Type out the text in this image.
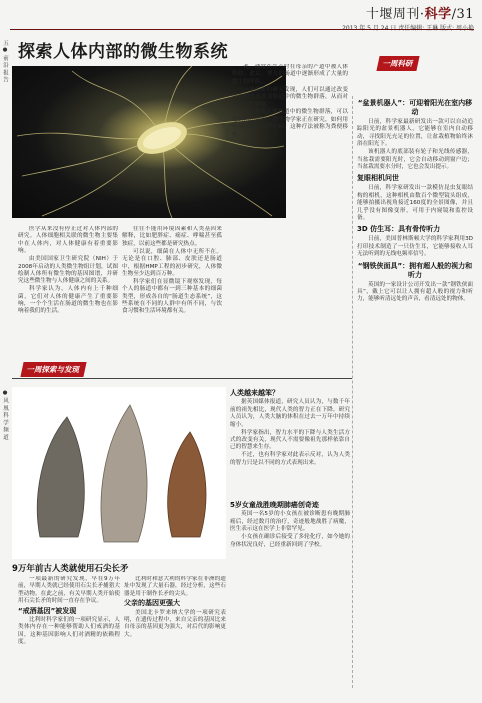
十堰周刊·科学/31
五 ● 前 沿 报 告
● 风 凰 科 学 频 道
探索人体内部的微生物系统

医学从来没有停止过对人体内部的研究。人体细胞相关联的微生物主要集中在人体内，对人体健康有着重要影响。

由美国国家卫生研究院（NIH）于2008年启动的人类微生物组计划，试图绘制人体所有微生物的基因图谱，并研究这些微生物与人体健康之间的关系。

科学家认为，人体内有上千种细菌，它们对人体的健康产生了重要影响，一个个生活在肠道的微生物也在影响着我们的生活。

往往不能用环境因素和人类基因来解释，比如肥胖症、癌症、哮喘甚至孤独症，以前这些都是研究热点。

可以说，细菌在人体中无所不在。无论是在口腔、肺部、皮肤还是肠道中，根据HMP工程的初步研究，人体微生物至少达到百万种。

科学家们在显微镜下观察发现，每个人的肠道中都有一到三种基本的细菌类型，形成各自的“肠道生态系统”，这些系统在不同的人群中有所不同，与饮食习惯和生活环境都有关。

者，通常在生产时在母亲的产道中被人体吸收。此后，婴儿的肠道中逐渐形成了大量的微生物群落。

一项最新的研究发现，人们可以通过改变饮食的方式改变肠道中的微生物群落，从而对健康产生影响。

通过改变人体肠道中的微生物群落，可以起到治疗作用。微生物学家正在研究，如何用有益细菌来治疗疾病，这种疗法被称为粪便移植。

一周科研
“盆景机器人”：可迎着阳光在室内移动

日前，科学家最新研发出一款可以自动追踪阳光的盆景机器人，它能够在室内自动移动，寻找阳光充足的位置，让盆栽植物始终沐浴在阳光下。

该机器人的底部装有轮子和光线传感器，当盆栽需要阳光时，它会自动移动到窗户边；当盆栽需要水分时，它也会发出提示。

复眼相机问世

日前，科学家研发出一款模仿昆虫复眼结构的相机，这种相机由数百个微型镜头组成，能够拍摄出视角接近160度的全景图像，并且几乎没有图像变形，可用于内窥镜和监控设备。

3D 仿生耳：具有骨传听力

日前，美国普林斯顿大学的科学家利用3D打印技术制造了一只仿生耳，它能够接收人耳无法听到的无线电频率信号。

“钢铁侠面具”：拥有超人般的视力和听力

英国的一家设计公司开发出一款“钢铁侠面具”，戴上它可以让人拥有超人般的视力和听力，能够听清远处的声音，看清远处的物体。

一周探索与发现
人类越来越笨？

据英国媒体报道，研究人员认为，与数千年前的祖先相比，现代人类的智力正在下降。研究人员认为，人类大脑的体积在过去一万年中持续缩小。

科学家指出，智力水平的下降与人类生活方式的改变有关，现代人不需要像祖先那样依靠自己的智慧来生存。

不过，也有科学家对此表示反对，认为人类的智力只是以不同的方式表现出来。

5岁女童战胜晚期肺癌创奇迹

英国一名5岁的小女孩在被诊断患有晚期肺癌后，经过数月的治疗，奇迹般地战胜了病魔，医生表示这在医学上非常罕见。

小女孩在确诊后接受了多轮化疗，如今她的身体状况良好，已经重新回到了学校。

9万年前古人类就使用石尖长矛

一项最新的研究发现，早在9万年前，早期人类就已经使用石尖长矛捕猎大型动物。在此之前，有关早期人类开始使用石尖长矛的时间一直存在争议。

“戒酒基因”被发现

比利时科学家们的一项研究显示，人类体内存在一种能够帮助人们戒酒的基因，这种基因影响人们对酒精的依赖程度。

比利时和意大利的科学家在非洲的遗址中发现了大量石器，经过分析，这些石器是用于制作长矛的尖头。

父亲的基因更强大

美国北卡罗来纳大学的一项研究表明，在遗传过程中，来自父亲的基因比来自母亲的基因更为强大，对后代的影响更大。
